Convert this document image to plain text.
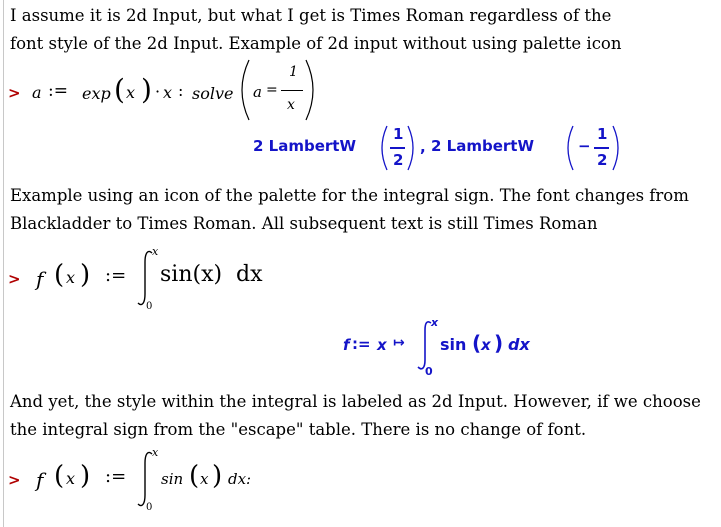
I assume it is 2d Input, but what I get is Times Roman regardless of the
font style of the 2d Input. Example of 2d input without using palette icon
> a := exp ( x ) · x : solve a =
1
x
2 LambertW
1
2
, 2 LambertW	−
1
2
Example using an icon of the palette for the integral sign. The font changes from
Blackladder to Times Roman. All subsequent text is still Times Roman
> f ( x ) :=
x
0
sin(x) dx
f := x ↦
x
0
sin ( x ) dx
And yet, the style within the integral is labeled as 2d Input. However, if we choose
the integral sign from the "escape" table. There is no change of font.
> f ( x ) :=
x
0
sin ( x ) dx:
